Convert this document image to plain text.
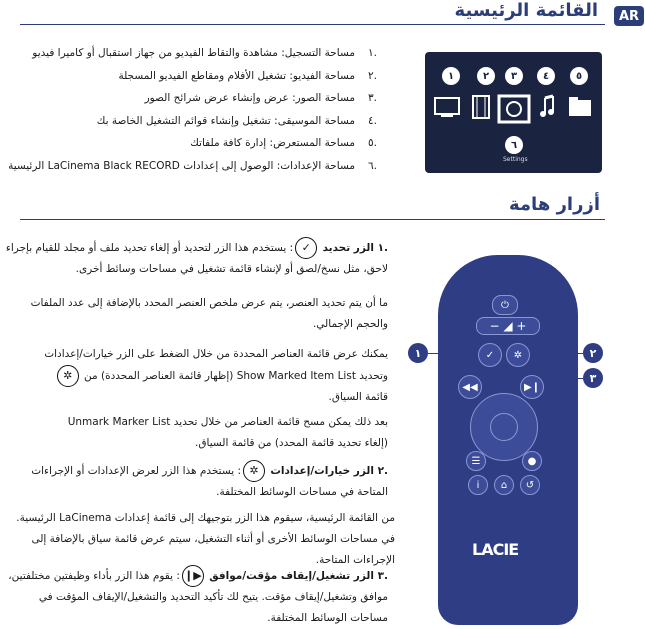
AR
القائمة الرئيسية
.١مساحة التسجيل: مشاهدة والتقاط الفيديو من جهاز استقبال أو كاميرا فيديو
.٢مساحة الفيديو: تشغيل الأفلام ومقاطع الفيديو المسجلة
.٣مساحة الصور: عرض وإنشاء عرض شرائح الصور
.٤مساحة الموسيقى: تشغيل وإنشاء قوائم التشغيل الخاصة بك
.٥مساحة المستعرض: إدارة كافة ملفاتك
.٦مساحة الإعدادات: الوصول إلى إعدادات LaCinema Black RECORD الرئيسية
١	٢	٣	٤	٥
٦
Settings
أزرار هامة

.١ الزر تحديد ✓: يستخدم هذا الزر لتحديد أو إلغاء تحديد ملف أو مجلد للقيام بإجراء
لاحق، مثل نسخ/لصق أو لإنشاء قائمة تشغيل في مساحات وسائط أخرى.

ما أن يتم تحديد العنصر، يتم عرض ملخص العنصر المحدد بالإضافة إلى عدد الملفات
والحجم الإجمالي.

يمكنك عرض قائمة العناصر المحددة من خلال الضغط على الزر خيارات/إعدادات
وتحديد Show Marked Item List (إظهار قائمة العناصر المحددة) من ✲
قائمة السياق.

بعد ذلك يمكن مسح قائمة العناصر من خلال تحديد Unmark Marker List
(إلغاء تحديد قائمة المحدد) من قائمة السياق.

.٢ الزر خيارات/إعدادات ✲: يستخدم هذا الزر لعرض الإعدادات أو الإجراءات
المتاحة في مساحات الوسائط المختلفة.

من القائمة الرئيسية، سيقوم هذا الزر بتوجيهك إلى قائمة إعدادات LaCinema الرئيسية.
في مساحات الوسائط الأخرى أو أثناء التشغيل، سيتم عرض قائمة سياق بالإضافة إلى
الإجراءات المتاحة.

.٣ الزر تشغيل/إيقاف مؤقت/موافق ▶❙: يقوم هذا الزر بأداء وظيفتين مختلفتين،
موافق وتشغيل/إيقاف مؤقت. يتيح لك تأكيد التحديد والتشغيل/الإيقاف المؤقت في
مساحات الوسائط المختلفة.

⏻
− ◢ +
✓	✲
◀◀	▶❙
☰	●
i	⌂	↺
LACIE
١	٢
٣
